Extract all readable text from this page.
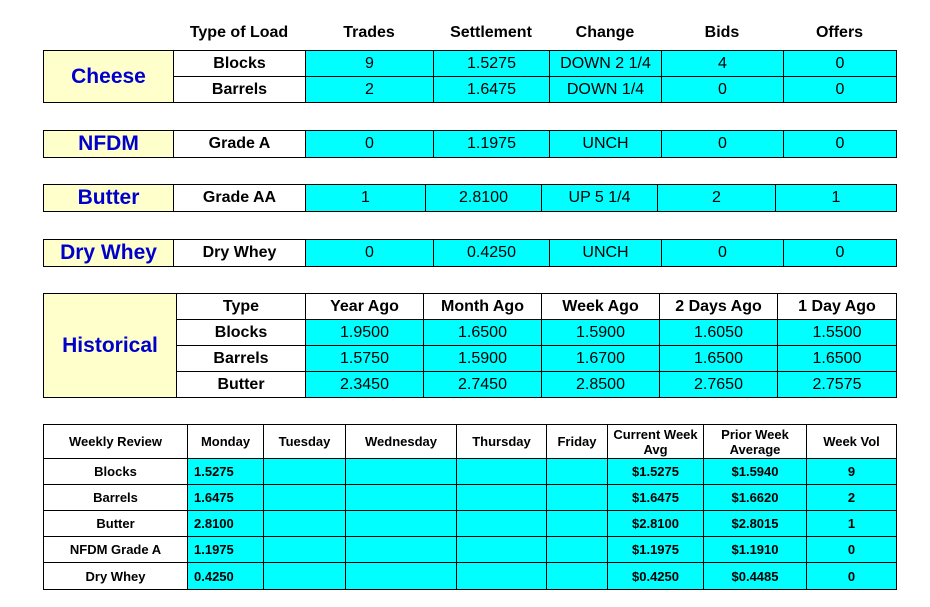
	Type of Load	Trades	Settlement	Change	Bids	Offers
Cheese	Blocks	9	1.5275	DOWN 2 1/4	4	0
	Barrels	2	1.6475	DOWN 1/4	0	0
NFDM	Grade A	0	1.1975	UNCH	0	0
Butter	Grade AA	1	2.8100	UP 5 1/4	2	1
Dry Whey	Dry Whey	0	0.4250	UNCH	0	0
Historical	Type	Year Ago	Month Ago	Week Ago	2 Days Ago	1 Day Ago
	Blocks	1.9500	1.6500	1.5900	1.6050	1.5500
	Barrels	1.5750	1.5900	1.6700	1.6500	1.6500
	Butter	2.3450	2.7450	2.8500	2.7650	2.7575
Weekly Review	Monday	Tuesday	Wednesday	Thursday	Friday	Current Week Avg	Prior Week Average	Week Vol
Blocks	1.5275					$1.5275	$1.5940	9
Barrels	1.6475					$1.6475	$1.6620	2
Butter	2.8100					$2.8100	$2.8015	1
NFDM Grade A	1.1975					$1.1975	$1.1910	0
Dry Whey	0.4250					$0.4250	$0.4485	0
